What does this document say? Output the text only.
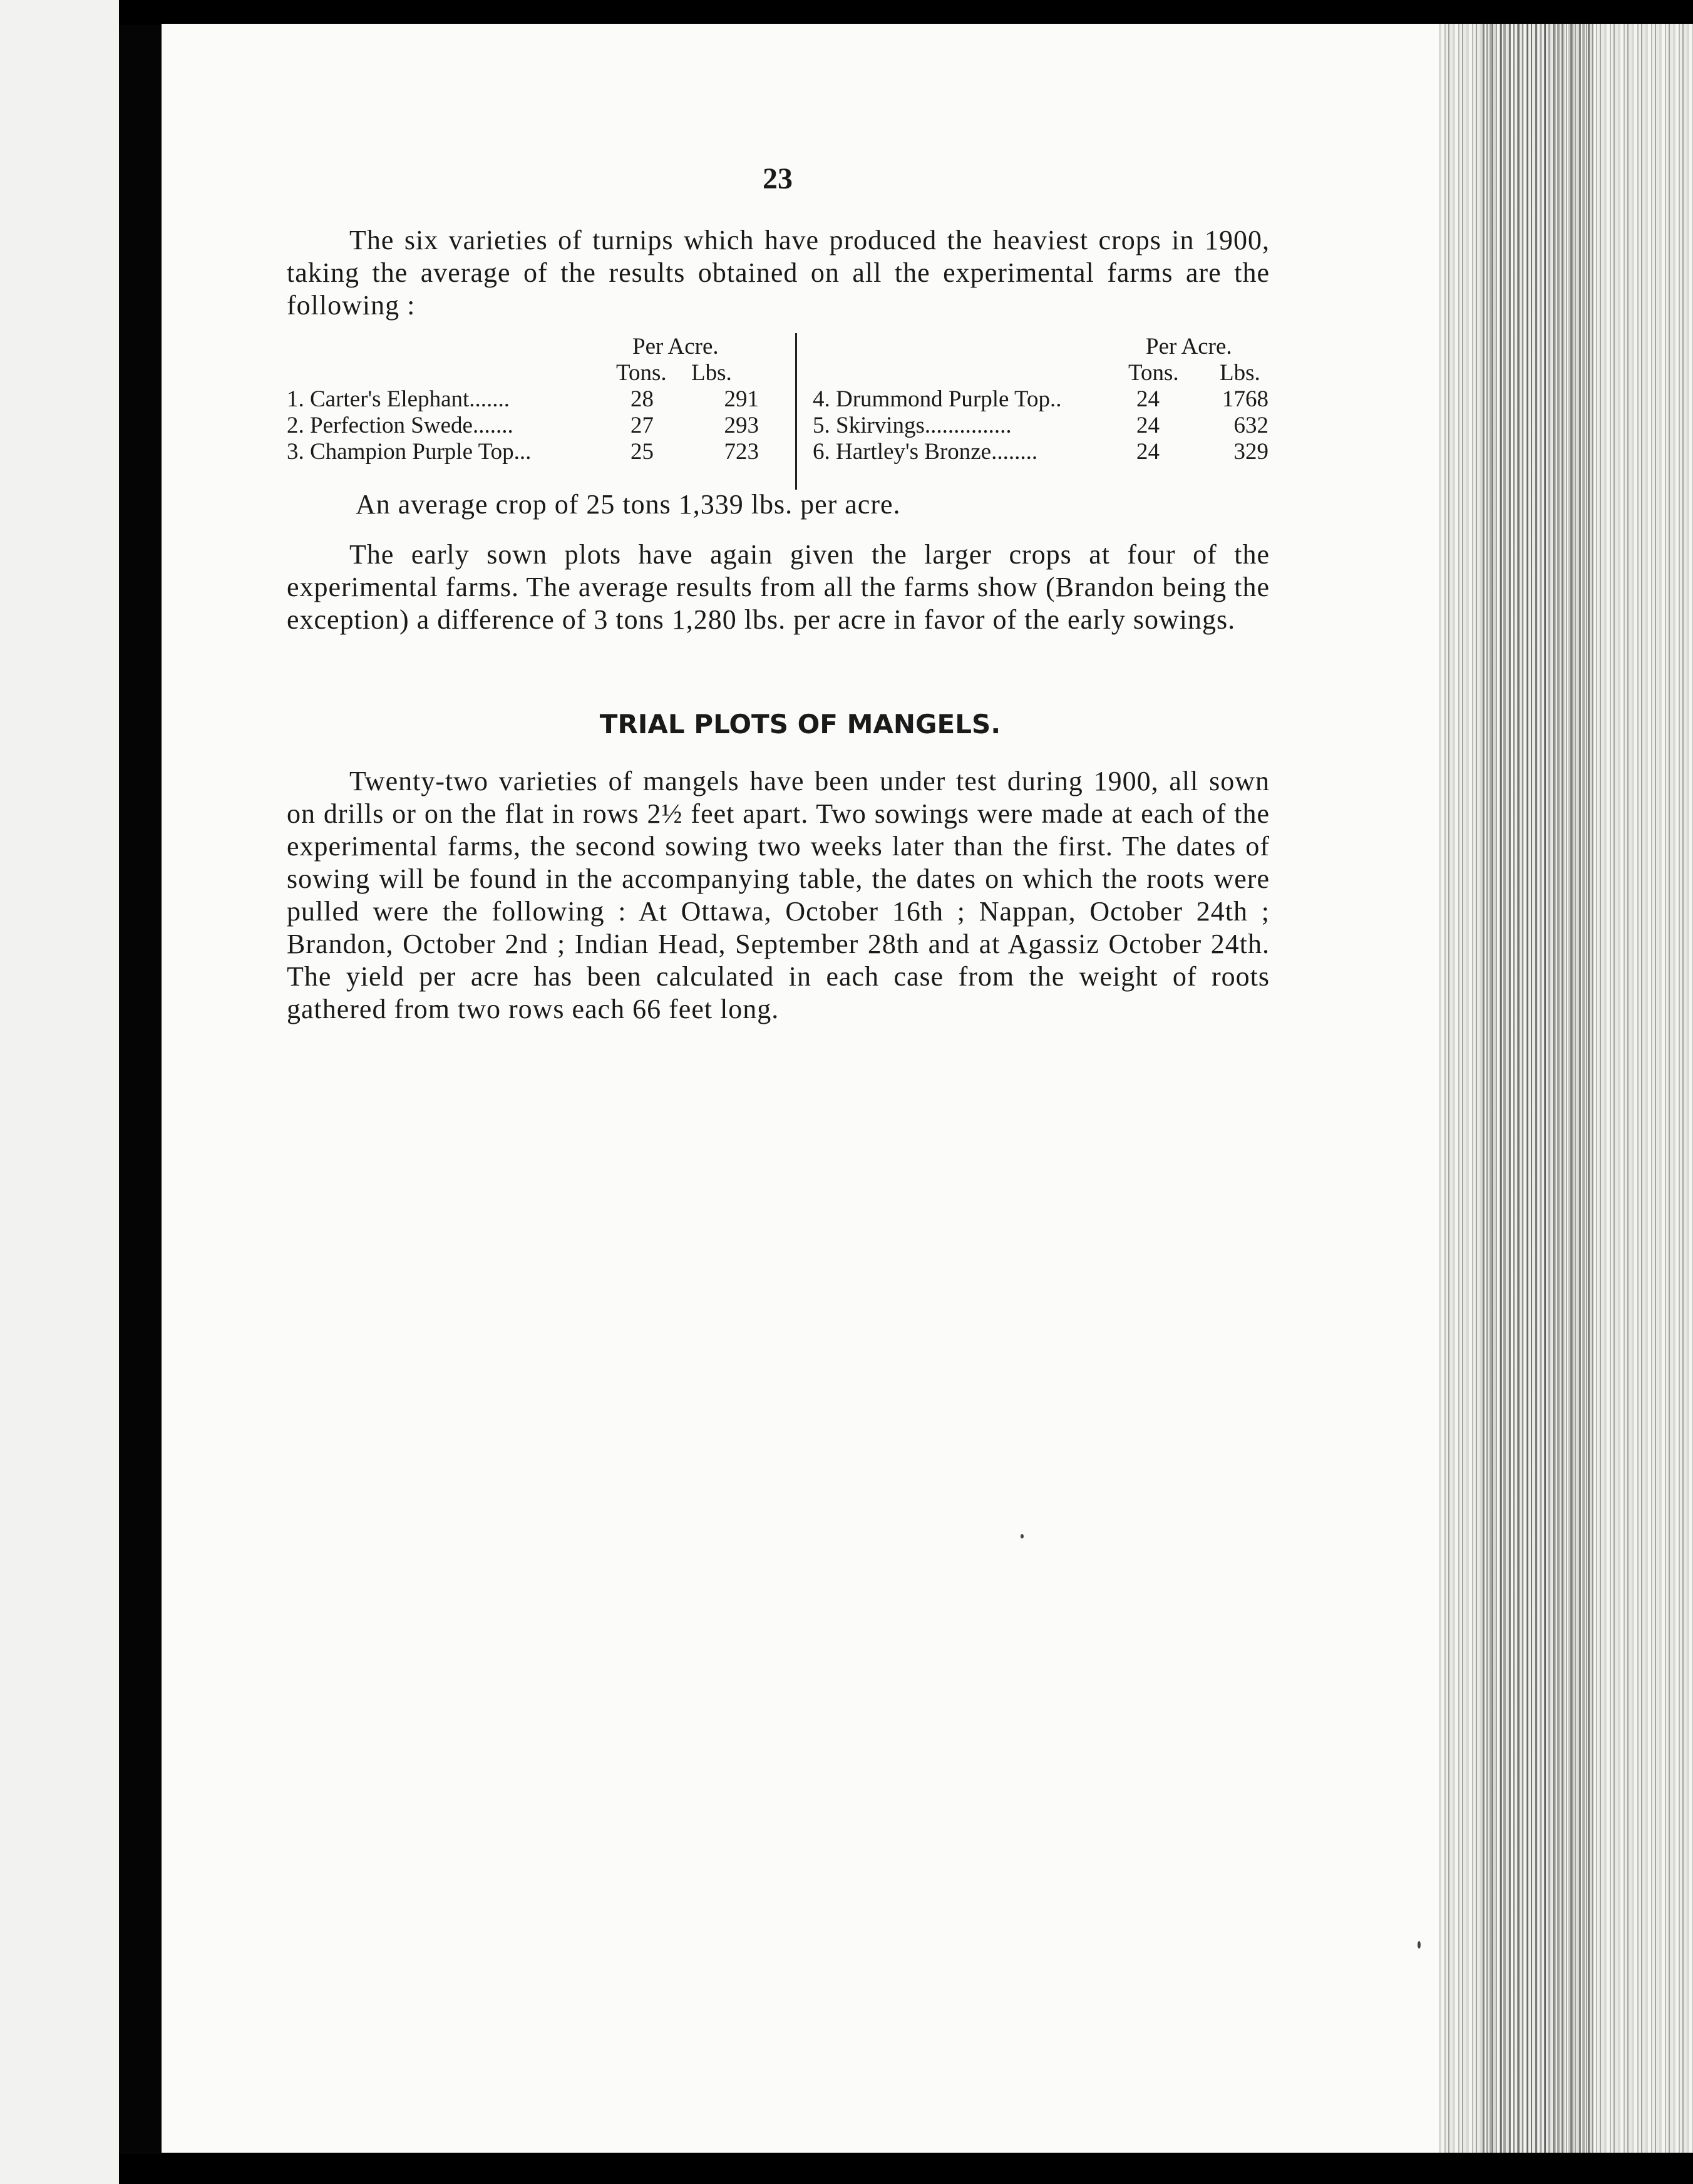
23

The six varieties of turnips which have produced the heaviest crops in 1900, taking the average of the results obtained on all the experimental farms are the following :

Per Acre.
Tons. Lbs.
1. Carter's Elephant.......	28	291
2. Perfection Swede.......	27	293
3. Champion Purple Top...	25	723
Per Acre.
Tons. Lbs.
4. Drummond Purple Top..	24	1768
5. Skirvings...............	24	632
6. Hartley's Bronze........	24	329
An average crop of 25 tons 1,339 lbs. per acre.

The early sown plots have again given the larger crops at four of the experimental farms. The average results from all the farms show (Brandon being the exception) a difference of 3 tons 1,280 lbs. per acre in favor of the early sowings.

TRIAL PLOTS OF MANGELS.

Twenty-two varieties of mangels have been under test during 1900, all sown on drills or on the flat in rows 2½ feet apart. Two sowings were made at each of the experimental farms, the second sowing two weeks later than the first. The dates of sowing will be found in the accompanying table, the dates on which the roots were pulled were the following : At Ottawa, October 16th ; Nappan, October 24th ; Brandon, October 2nd ; Indian Head, September 28th and at Agassiz October 24th. The yield per acre has been calculated in each case from the weight of roots gathered from two rows each 66 feet long.
